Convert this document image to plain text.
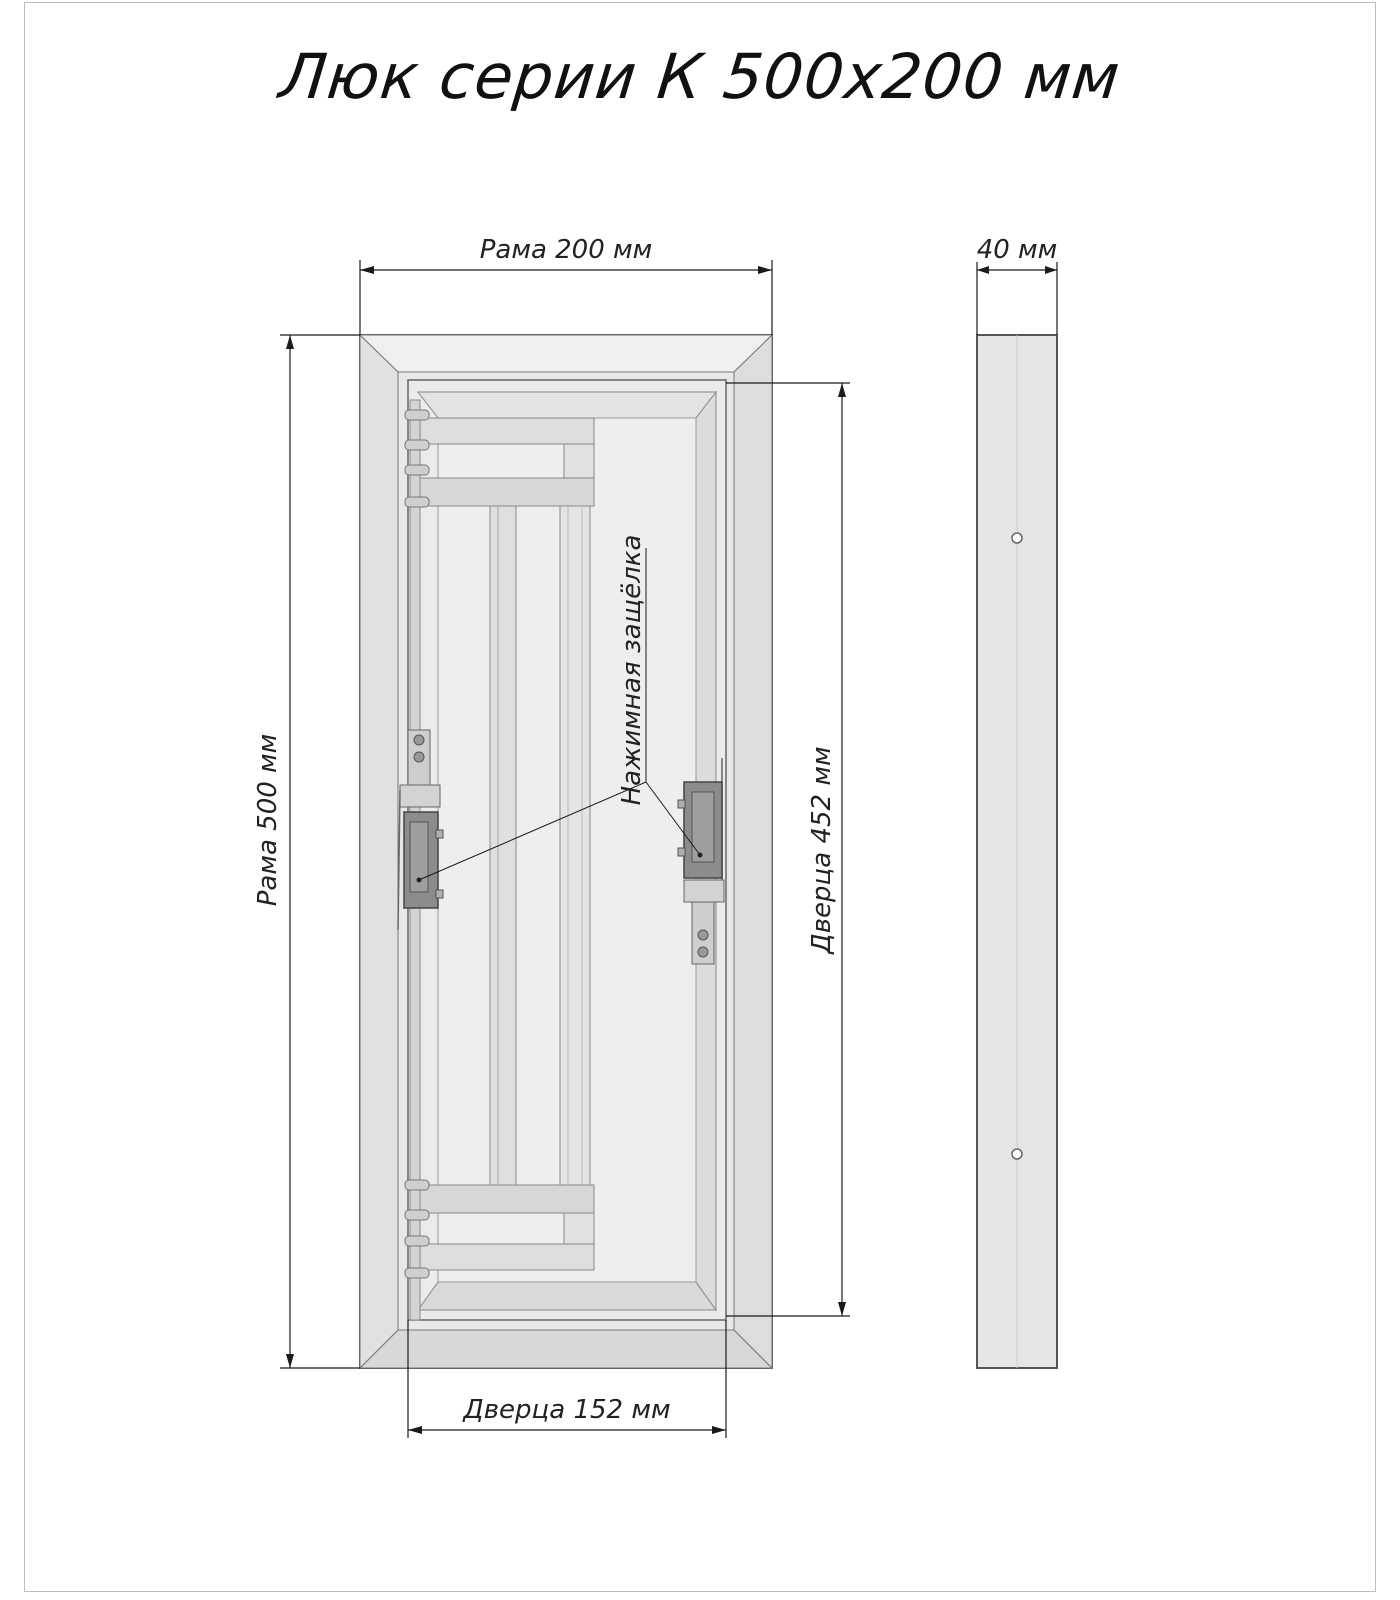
Люк серии К 500х200 мм
Рама 200 мм	40 мм
Дверца 152 мм
Рама 500 мм	Дверца 452 мм
Нажимная защёлка
